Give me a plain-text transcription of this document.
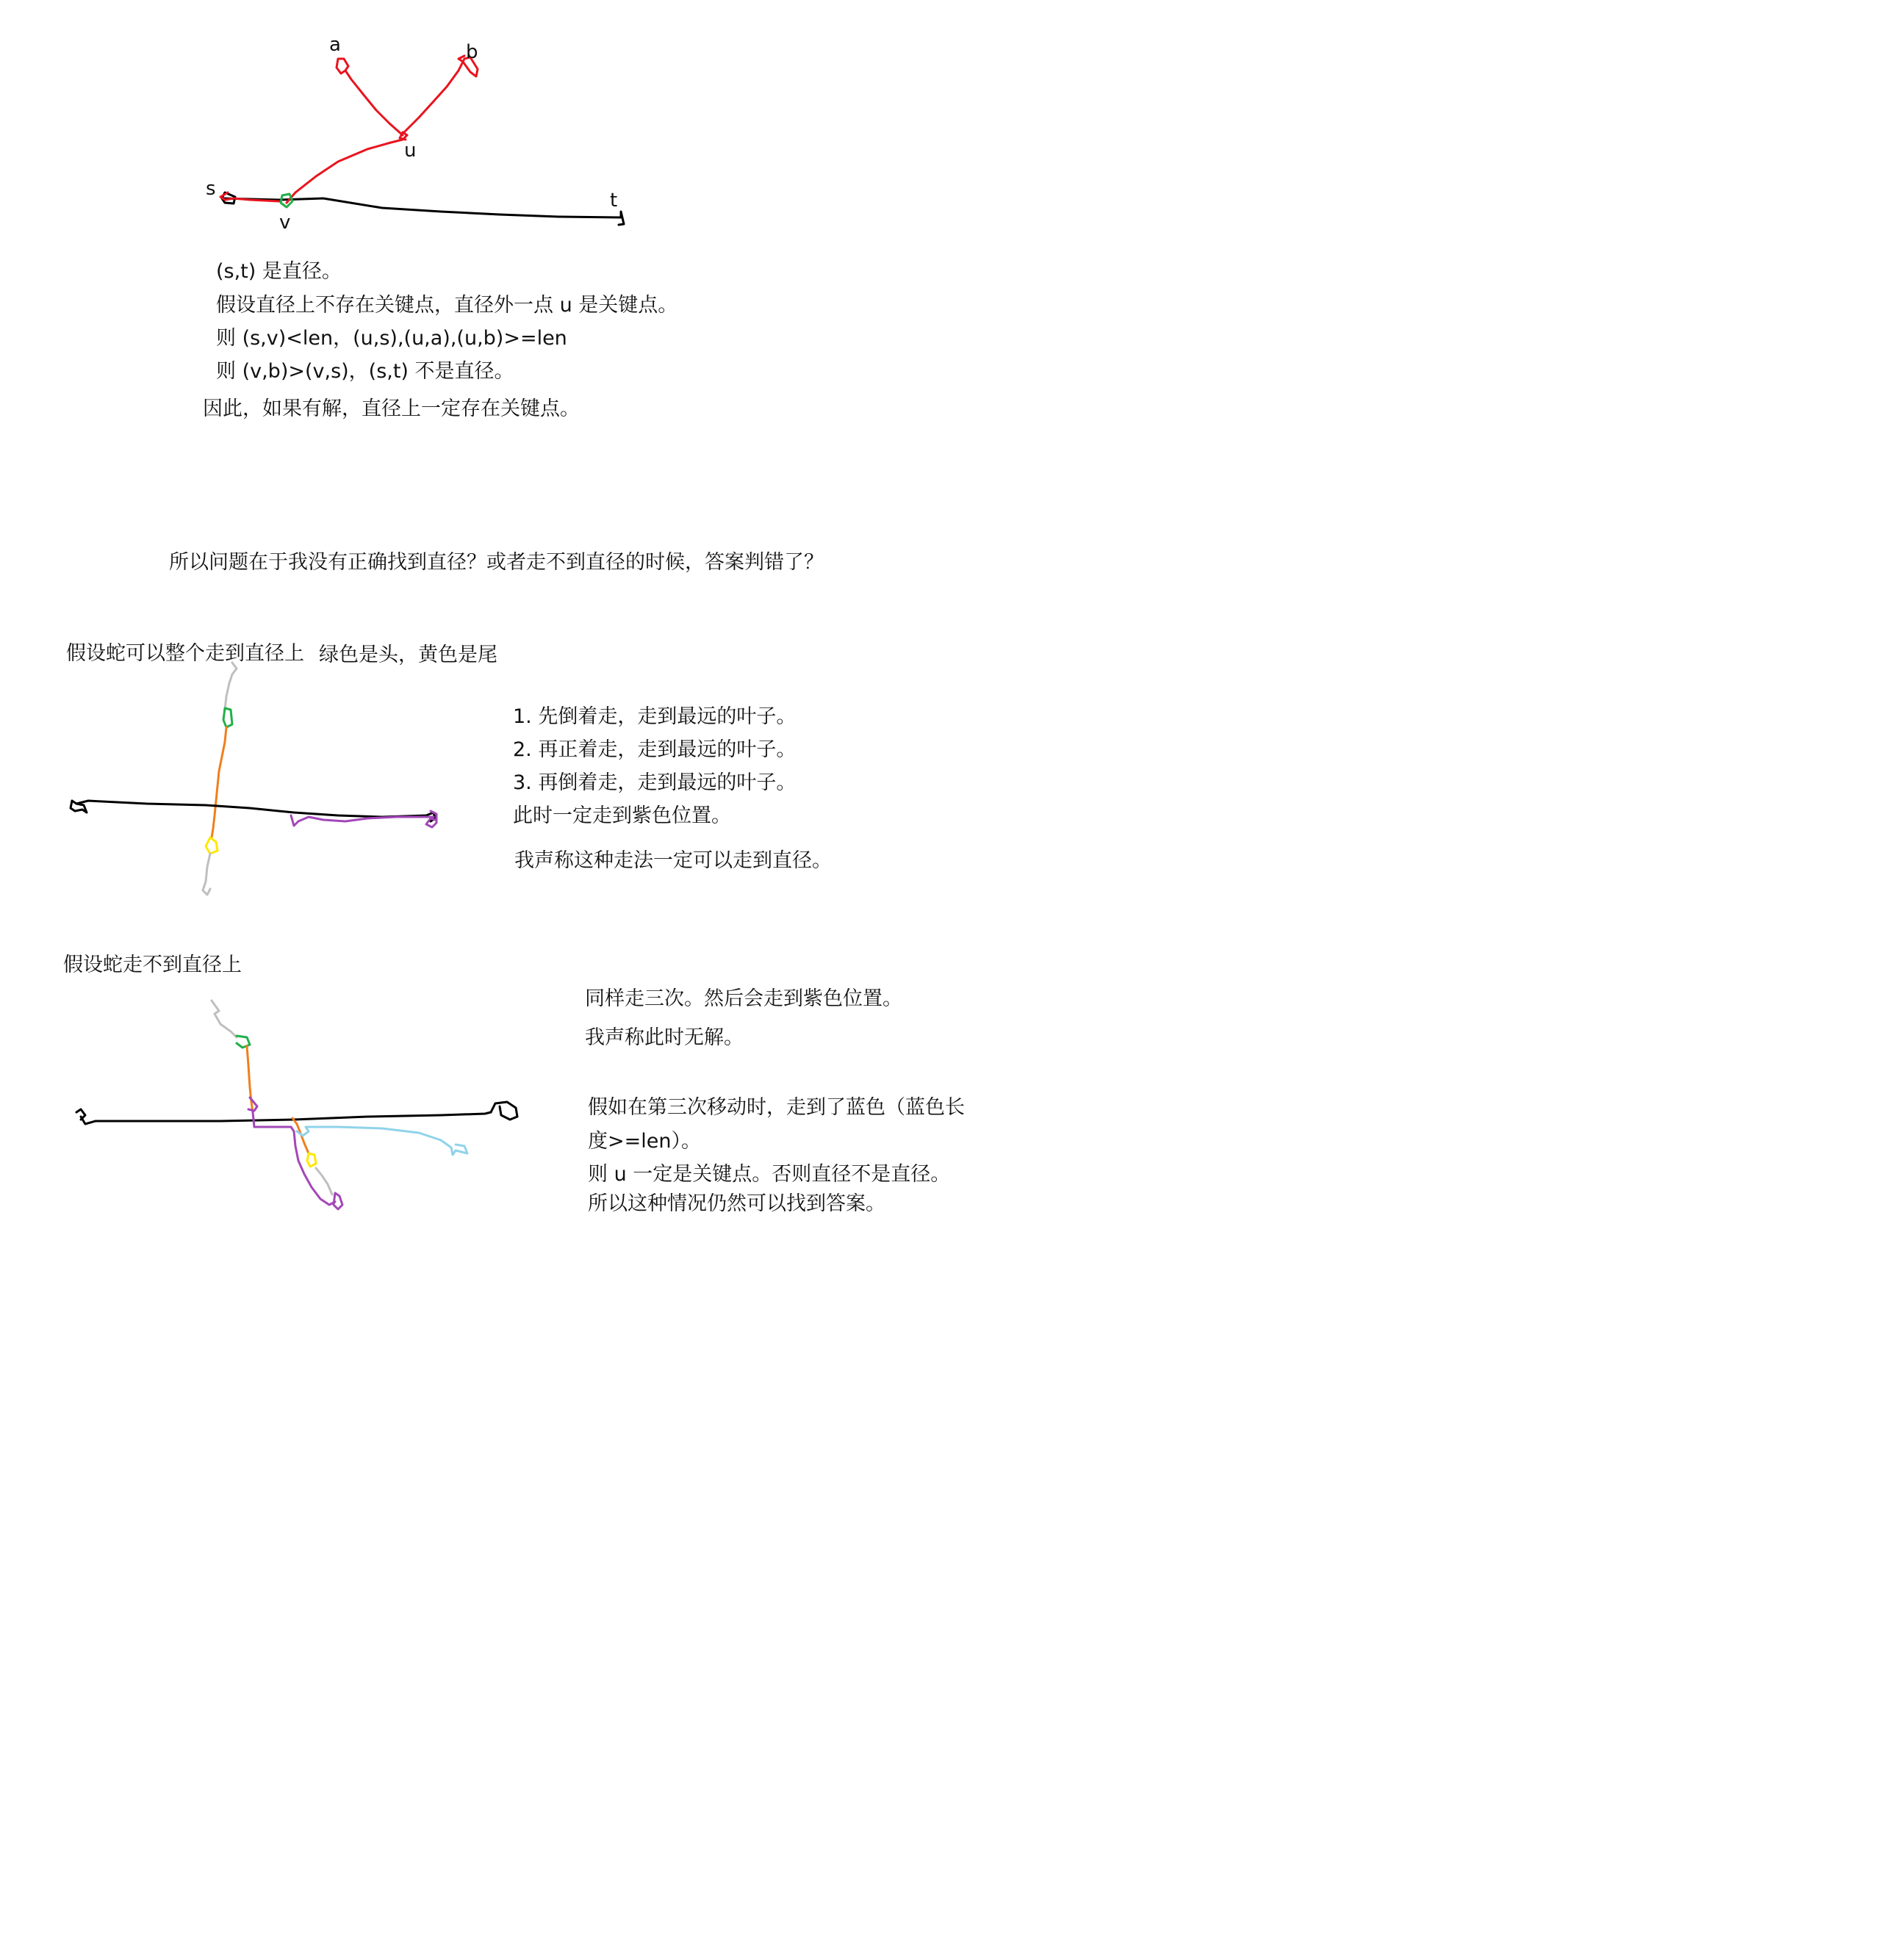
a	b
u
s
v
t
(s,t) 是直径。
假设直径上不存在关键点，直径外一点 u 是关键点。
则 (s,v)<len，(u,s),(u,a),(u,b)>=len
则 (v,b)>(v,s)，(s,t) 不是直径。
因此，如果有解，直径上一定存在关键点。
所以问题在于我没有正确找到直径？或者走不到直径的时候，答案判错了？
假设蛇可以整个走到直径上 绿色是头，黄色是尾
1. 先倒着走，走到最远的叶子。
2. 再正着走，走到最远的叶子。
3. 再倒着走，走到最远的叶子。
此时一定走到紫色位置。
我声称这种走法一定可以走到直径。
假设蛇走不到直径上
同样走三次。然后会走到紫色位置。
我声称此时无解。
假如在第三次移动时，走到了蓝色（蓝色长
度>=len）。
则 u 一定是关键点。否则直径不是直径。
所以这种情况仍然可以找到答案。
